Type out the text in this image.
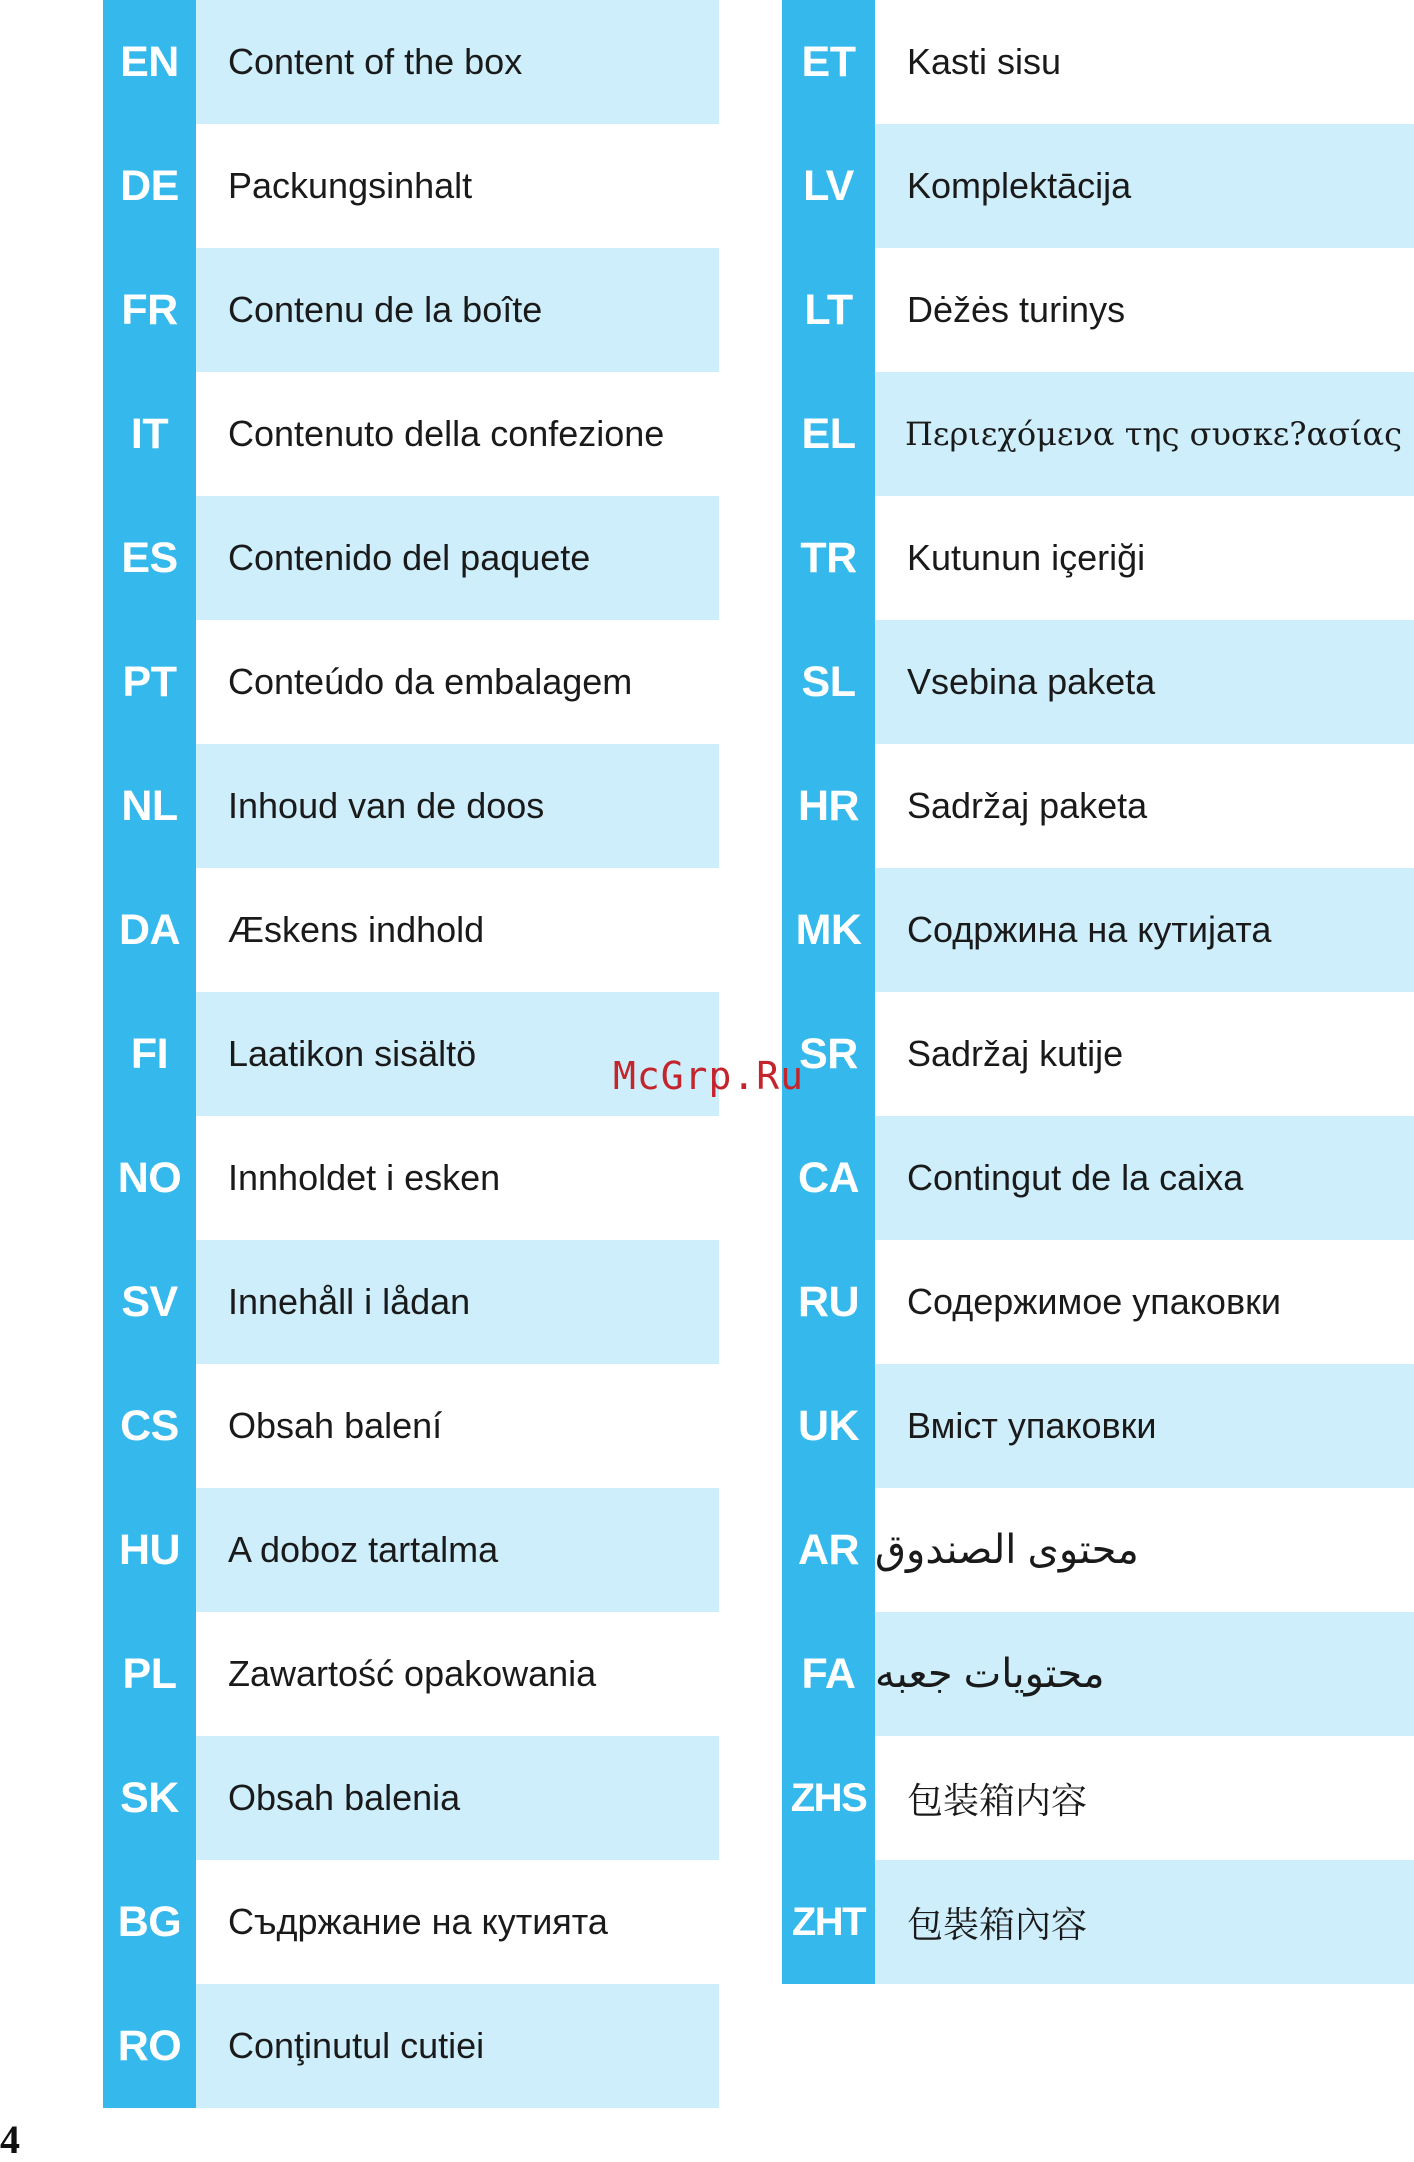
EN	Content of the box
DE	Packungsinhalt
FR	Contenu de la boîte
IT	Contenuto della confezione
ES	Contenido del paquete
PT	Conteúdo da embalagem
NL	Inhoud van de doos
DA	Æskens indhold
FI	Laatikon sisältö
NO	Innholdet i esken
SV	Innehåll i lådan
CS	Obsah balení
HU	A doboz tartalma
PL	Zawartość opakowania
SK	Obsah balenia
BG	Съдржание на кутията
RO	Conţinutul cutiei
ET	Kasti sisu
LV	Komplektācija
LT	Dėžės turinys
EL	Περιεχόμενα της συσκε?ασίας
TR	Kutunun içeriği
SL	Vsebina paketa
HR	Sadržaj paketa
MK	Содржина на кутијата
SR	Sadržaj kutije
CA	Contingut de la caixa
RU	Содержимое упаковки
UK	Вміст упаковки
AR محتوى الصندوق
FA محتويات جعبه
ZHS	包装箱内容
ZHT	包裝箱內容
McGrp.Ru
4
